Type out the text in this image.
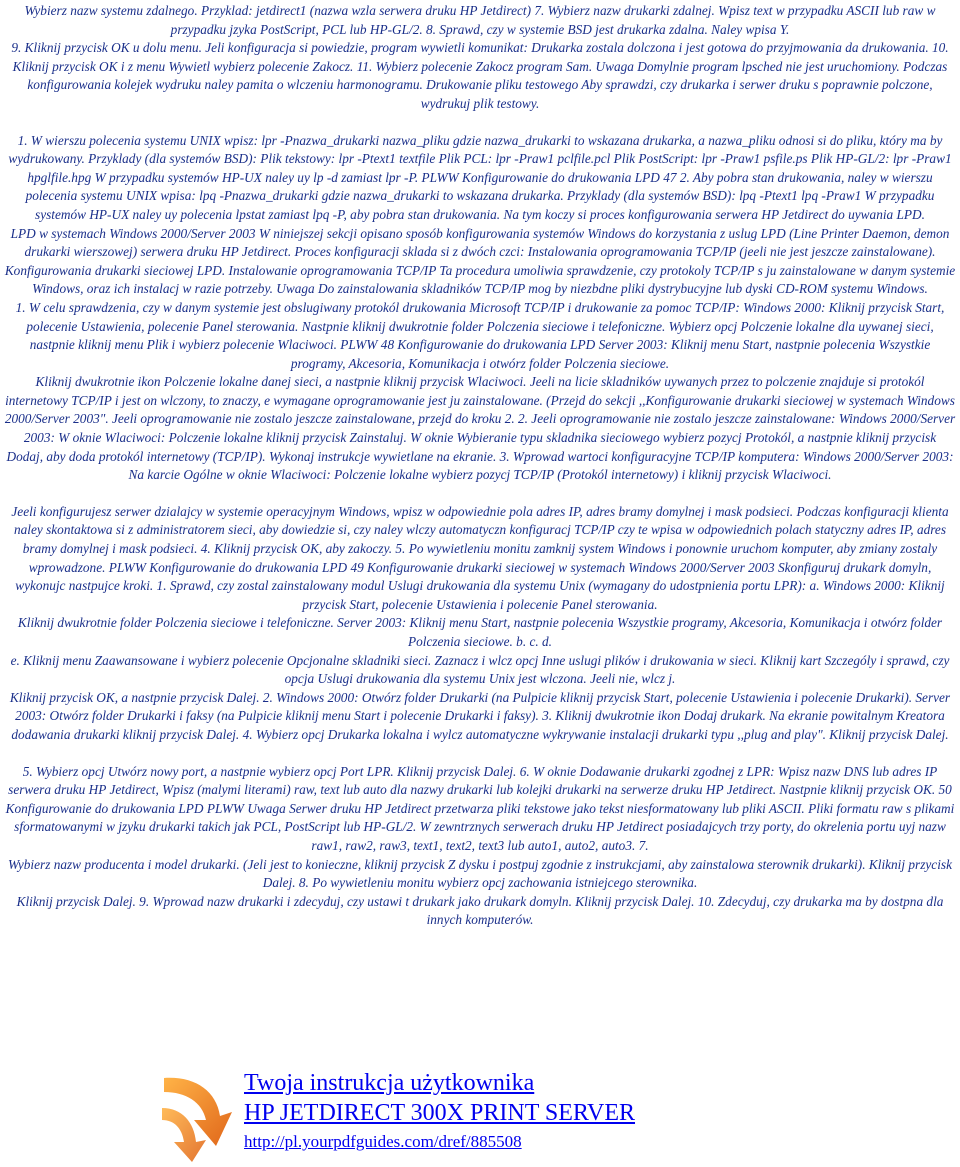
Wybierz nazw systemu zdalnego. Przyklad: jetdirect1 (nazwa wzla serwera druku HP Jetdirect) 7. Wybierz nazw drukarki zdalnej. Wpisz text w przypadku ASCII lub raw w przypadku jzyka PostScript, PCL lub HP-GL/2. 8. Sprawd, czy w systemie BSD jest drukarka zdalna. Naley wpisa Y.

9. Kliknij przycisk OK u dolu menu. Jeli konfiguracja si powiedzie, program wywietli komunikat: Drukarka zostala dolczona i jest gotowa do przyjmowania da drukowania. 10. Kliknij przycisk OK i z menu Wywietl wybierz polecenie Zakocz. 11. Wybierz polecenie Zakocz program Sam. Uwaga Domylnie program lpsched nie jest uruchomiony. Podczas konfigurowania kolejek wydruku naley pamita o wlczeniu harmonogramu. Drukowanie pliku testowego Aby sprawdzi, czy drukarka i serwer druku s poprawnie polczone, wydrukuj plik testowy.

1. W wierszu polecenia systemu UNIX wpisz: lpr -Pnazwa_drukarki nazwa_pliku gdzie nazwa_drukarki to wskazana drukarka, a nazwa_pliku odnosi si do pliku, który ma by wydrukowany. Przyklady (dla systemów BSD): Plik tekstowy: lpr -Ptext1 textfile Plik PCL: lpr -Praw1 pclfile.pcl Plik PostScript: lpr -Praw1 psfile.ps Plik HP-GL/2: lpr -Praw1 hpglfile.hpg W przypadku systemów HP-UX naley uy lp -d zamiast lpr -P. PLWW Konfigurowanie do drukowania LPD 47 2. Aby pobra stan drukowania, naley w wierszu polecenia systemu UNIX wpisa: lpq -Pnazwa_drukarki gdzie nazwa_drukarki to wskazana drukarka. Przyklady (dla systemów BSD): lpq -Ptext1 lpq -Praw1 W przypadku systemów HP-UX naley uy polecenia lpstat zamiast lpq -P, aby pobra stan drukowania. Na tym koczy si proces konfigurowania serwera HP Jetdirect do uywania LPD.

LPD w systemach Windows 2000/Server 2003 W niniejszej sekcji opisano sposób konfigurowania systemów Windows do korzystania z uslug LPD (Line Printer Daemon, demon drukarki wierszowej) serwera druku HP Jetdirect. Proces konfiguracji sklada si z dwóch czci: Instalowania oprogramowania TCP/IP (jeeli nie jest jeszcze zainstalowane). Konfigurowania drukarki sieciowej LPD. Instalowanie oprogramowania TCP/IP Ta procedura umoliwia sprawdzenie, czy protokoly TCP/IP s ju zainstalowane w danym systemie Windows, oraz ich instalacj w razie potrzeby. Uwaga Do zainstalowania skladników TCP/IP mog by niezbdne pliki dystrybucyjne lub dyski CD-ROM systemu Windows.

1. W celu sprawdzenia, czy w danym systemie jest obslugiwany protokól drukowania Microsoft TCP/IP i drukowanie za pomoc TCP/IP: Windows 2000: Kliknij przycisk Start, polecenie Ustawienia, polecenie Panel sterowania. Nastpnie kliknij dwukrotnie folder Polczenia sieciowe i telefoniczne. Wybierz opcj Polczenie lokalne dla uywanej sieci, nastpnie kliknij menu Plik i wybierz polecenie Wlaciwoci. PLWW 48 Konfigurowanie do drukowania LPD Server 2003: Kliknij menu Start, nastpnie polecenia Wszystkie programy, Akcesoria, Komunikacja i otwórz folder Polczenia sieciowe.

Kliknij dwukrotnie ikon Polczenie lokalne danej sieci, a nastpnie kliknij przycisk Wlaciwoci. Jeeli na licie skladników uywanych przez to polczenie znajduje si protokól internetowy TCP/IP i jest on wlczony, to znaczy, e wymagane oprogramowanie jest ju zainstalowane. (Przejd do sekcji ,,Konfigurowanie drukarki sieciowej w systemach Windows 2000/Server 2003". Jeeli oprogramowanie nie zostalo jeszcze zainstalowane, przejd do kroku 2. 2. Jeeli oprogramowanie nie zostalo jeszcze zainstalowane: Windows 2000/Server 2003: W oknie Wlaciwoci: Polczenie lokalne kliknij przycisk Zainstaluj. W oknie Wybieranie typu skladnika sieciowego wybierz pozycj Protokól, a nastpnie kliknij przycisk Dodaj, aby doda protokól internetowy (TCP/IP). Wykonaj instrukcje wywietlane na ekranie. 3. Wprowad wartoci konfiguracyjne TCP/IP komputera: Windows 2000/Server 2003: Na karcie Ogólne w oknie Wlaciwoci: Polczenie lokalne wybierz pozycj TCP/IP (Protokól internetowy) i kliknij przycisk Wlaciwoci.

Jeeli konfigurujesz serwer dzialajcy w systemie operacyjnym Windows, wpisz w odpowiednie pola adres IP, adres bramy domylnej i mask podsieci. Podczas konfiguracji klienta naley skontaktowa si z administratorem sieci, aby dowiedzie si, czy naley wlczy automatyczn konfiguracj TCP/IP czy te wpisa w odpowiednich polach statyczny adres IP, adres bramy domylnej i mask podsieci. 4. Kliknij przycisk OK, aby zakoczy. 5. Po wywietleniu monitu zamknij system Windows i ponownie uruchom komputer, aby zmiany zostaly wprowadzone. PLWW Konfigurowanie do drukowania LPD 49 Konfigurowanie drukarki sieciowej w systemach Windows 2000/Server 2003 Skonfiguruj drukark domyln, wykonujc nastpujce kroki. 1. Sprawd, czy zostal zainstalowany modul Uslugi drukowania dla systemu Unix (wymagany do udostpnienia portu LPR): a. Windows 2000: Kliknij przycisk Start, polecenie Ustawienia i polecenie Panel sterowania.

Kliknij dwukrotnie folder Polczenia sieciowe i telefoniczne. Server 2003: Kliknij menu Start, nastpnie polecenia Wszystkie programy, Akcesoria, Komunikacja i otwórz folder Polczenia sieciowe. b. c. d.

e. Kliknij menu Zaawansowane i wybierz polecenie Opcjonalne skladniki sieci. Zaznacz i wlcz opcj Inne uslugi plików i drukowania w sieci. Kliknij kart Szczególy i sprawd, czy opcja Uslugi drukowania dla systemu Unix jest wlczona. Jeeli nie, wlcz j.

Kliknij przycisk OK, a nastpnie przycisk Dalej. 2. Windows 2000: Otwórz folder Drukarki (na Pulpicie kliknij przycisk Start, polecenie Ustawienia i polecenie Drukarki). Server 2003: Otwórz folder Drukarki i faksy (na Pulpicie kliknij menu Start i polecenie Drukarki i faksy). 3. Kliknij dwukrotnie ikon Dodaj drukark. Na ekranie powitalnym Kreatora dodawania drukarki kliknij przycisk Dalej. 4. Wybierz opcj Drukarka lokalna i wylcz automatyczne wykrywanie instalacji drukarki typu ,,plug and play". Kliknij przycisk Dalej.

5. Wybierz opcj Utwórz nowy port, a nastpnie wybierz opcj Port LPR. Kliknij przycisk Dalej. 6. W oknie Dodawanie drukarki zgodnej z LPR: Wpisz nazw DNS lub adres IP serwera druku HP Jetdirect, Wpisz (malymi literami) raw, text lub auto dla nazwy drukarki lub kolejki drukarki na serwerze druku HP Jetdirect. Nastpnie kliknij przycisk OK. 50 Konfigurowanie do drukowania LPD PLWW Uwaga Serwer druku HP Jetdirect przetwarza pliki tekstowe jako tekst niesformatowany lub pliki ASCII. Pliki formatu raw s plikami sformatowanymi w jzyku drukarki takich jak PCL, PostScript lub HP-GL/2. W zewntrznych serwerach druku HP Jetdirect posiadajcych trzy porty, do okrelenia portu uyj nazw raw1, raw2, raw3, text1, text2, text3 lub auto1, auto2, auto3. 7.

Wybierz nazw producenta i model drukarki. (Jeli jest to konieczne, kliknij przycisk Z dysku i postpuj zgodnie z instrukcjami, aby zainstalowa sterownik drukarki). Kliknij przycisk Dalej. 8. Po wywietleniu monitu wybierz opcj zachowania istniejcego sterownika.

Kliknij przycisk Dalej. 9. Wprowad nazw drukarki i zdecyduj, czy ustawi t drukark jako drukark domyln. Kliknij przycisk Dalej. 10. Zdecyduj, czy drukarka ma by dostpna dla innych komputerów.

Twoja instrukcja użytkownika
HP JETDIRECT 300X PRINT SERVER
http://pl.yourpdfguides.com/dref/885508
